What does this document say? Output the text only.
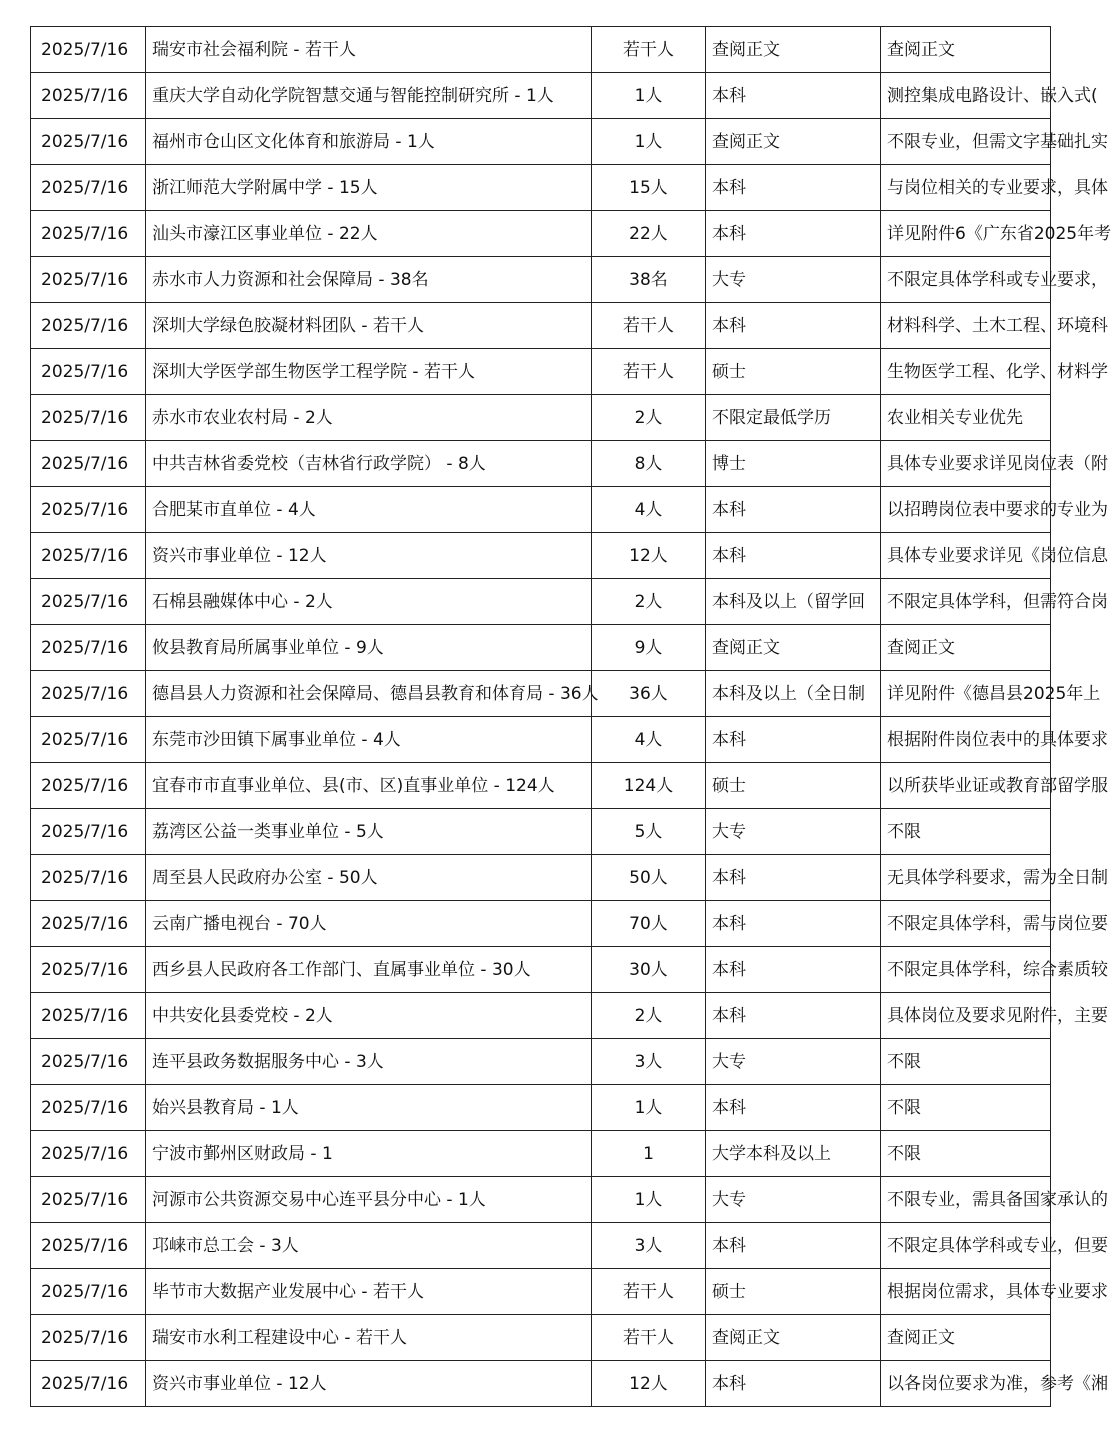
2025/7/16	瑞安市社会福利院 - 若干人	若干人	查阅正文	查阅正文
2025/7/16	重庆大学自动化学院智慧交通与智能控制研究所 - 1人	1人	本科	测控集成电路设计、嵌入式(
2025/7/16	福州市仓山区文化体育和旅游局 - 1人	1人	查阅正文	不限专业，但需文字基础扎实
2025/7/16	浙江师范大学附属中学 - 15人	15人	本科	与岗位相关的专业要求，具体
2025/7/16	汕头市濠江区事业单位 - 22人	22人	本科	详见附件6《广东省2025年考
2025/7/16	赤水市人力资源和社会保障局 - 38名	38名	大专	不限定具体学科或专业要求，
2025/7/16	深圳大学绿色胶凝材料团队 - 若干人	若干人	本科	材料科学、土木工程、环境科
2025/7/16	深圳大学医学部生物医学工程学院 - 若干人	若干人	硕士	生物医学工程、化学、材料学
2025/7/16	赤水市农业农村局 - 2人	2人	不限定最低学历	农业相关专业优先
2025/7/16	中共吉林省委党校（吉林省行政学院） - 8人	8人	博士	具体专业要求详见岗位表（附
2025/7/16	合肥某市直单位 - 4人	4人	本科	以招聘岗位表中要求的专业为
2025/7/16	资兴市事业单位 - 12人	12人	本科	具体专业要求详见《岗位信息
2025/7/16	石棉县融媒体中心 - 2人	2人	本科及以上（留学回	不限定具体学科，但需符合岗
2025/7/16	攸县教育局所属事业单位 - 9人	9人	查阅正文	查阅正文
2025/7/16	德昌县人力资源和社会保障局、德昌县教育和体育局 - 36人	36人	本科及以上（全日制	详见附件《德昌县2025年上
2025/7/16	东莞市沙田镇下属事业单位 - 4人	4人	本科	根据附件岗位表中的具体要求
2025/7/16	宜春市市直事业单位、县(市、区)直事业单位 - 124人	124人	硕士	以所获毕业证或教育部留学服
2025/7/16	荔湾区公益一类事业单位 - 5人	5人	大专	不限
2025/7/16	周至县人民政府办公室 - 50人	50人	本科	无具体学科要求，需为全日制
2025/7/16	云南广播电视台 - 70人	70人	本科	不限定具体学科，需与岗位要
2025/7/16	西乡县人民政府各工作部门、直属事业单位 - 30人	30人	本科	不限定具体学科，综合素质较
2025/7/16	中共安化县委党校 - 2人	2人	本科	具体岗位及要求见附件，主要
2025/7/16	连平县政务数据服务中心 - 3人	3人	大专	不限
2025/7/16	始兴县教育局 - 1人	1人	本科	不限
2025/7/16	宁波市鄞州区财政局 - 1	1	大学本科及以上	不限
2025/7/16	河源市公共资源交易中心连平县分中心 - 1人	1人	大专	不限专业，需具备国家承认的
2025/7/16	邛崃市总工会 - 3人	3人	本科	不限定具体学科或专业，但要
2025/7/16	毕节市大数据产业发展中心 - 若干人	若干人	硕士	根据岗位需求，具体专业要求
2025/7/16	瑞安市水利工程建设中心 - 若干人	若干人	查阅正文	查阅正文
2025/7/16	资兴市事业单位 - 12人	12人	本科	以各岗位要求为准，参考《湘
